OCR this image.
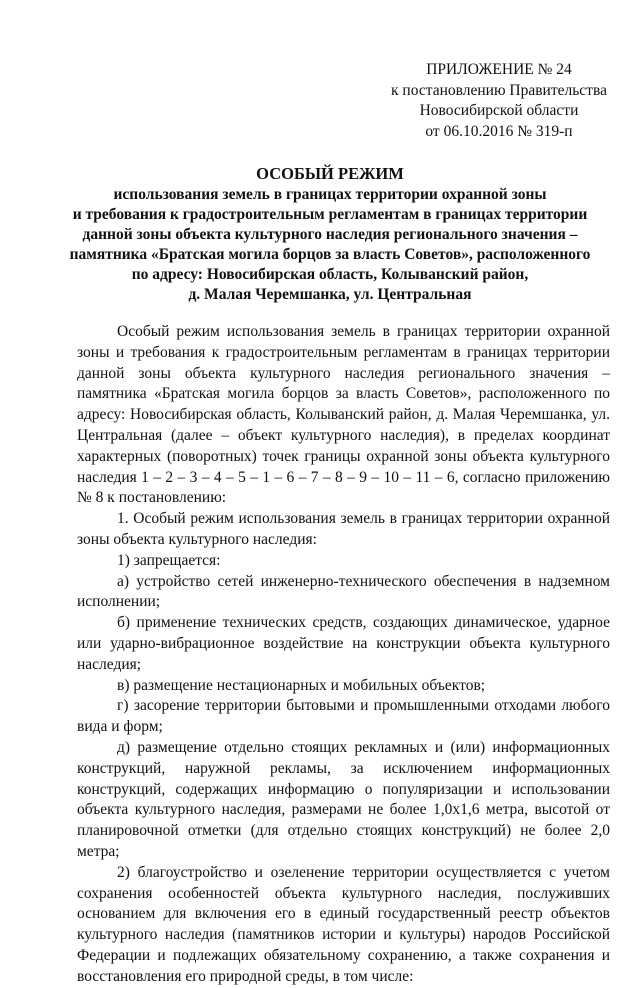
ПРИЛОЖЕНИЕ № 24
к постановлению Правительства
Новосибирской области
от 06.10.2016 № 319-п
ОСОБЫЙ РЕЖИМ
использования земель в границах территории охранной зоны
и требования к градостроительным регламентам в границах территории
данной зоны объекта культурного наследия регионального значения –
памятника «Братская могила борцов за власть Советов», расположенного
по адресу: Новосибирская область, Колыванский район,
д. Малая Черемшанка, ул. Центральная

Особый режим использования земель в границах территории охранной зоны и требования к градостроительным регламентам в границах территории данной зоны объекта культурного наследия регионального значения – памятника «Братская могила борцов за власть Советов», расположенного по адресу: Новосибирская область, Колыванский район, д. Малая Черемшанка, ул. Центральная (далее – объект культурного наследия), в пределах координат характерных (поворотных) точек границы охранной зоны объекта культурного наследия 1 – 2 – 3 – 4 – 5 – 1 – 6 – 7 – 8 – 9 – 10 – 11 – 6, согласно приложению № 8 к постановлению:

1. Особый режим использования земель в границах территории охранной зоны объекта культурного наследия:

1) запрещается:

а) устройство сетей инженерно-технического обеспечения в надземном исполнении;

б) применение технических средств, создающих динамическое, ударное или ударно-вибрационное воздействие на конструкции объекта культурного наследия;

в) размещение нестационарных и мобильных объектов;

г) засорение территории бытовыми и промышленными отходами любого вида и форм;

д) размещение отдельно стоящих рекламных и (или) информационных конструкций, наружной рекламы, за исключением информационных конструкций, содержащих информацию о популяризации и использовании объекта культурного наследия, размерами не более 1,0х1,6 метра, высотой от планировочной отметки (для отдельно стоящих конструкций) не более 2,0 метра;

2) благоустройство и озеленение территории осуществляется с учетом сохранения особенностей объекта культурного наследия, послуживших основанием для включения его в единый государственный реестр объектов культурного наследия (памятников истории и культуры) народов Российской Федерации и подлежащих обязательному сохранению, а также сохранения и восстановления его природной среды, в том числе:
